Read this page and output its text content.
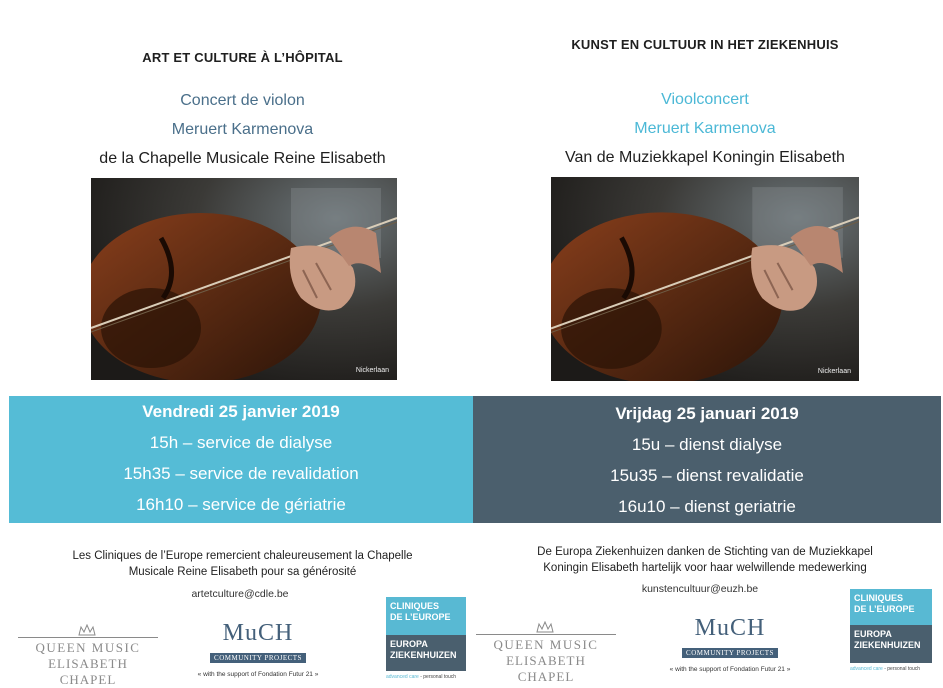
ART ET CULTURE À L’HÔPITAL
Concert de violon
Meruert Karmenova
de la Chapelle Musicale Reine Elisabeth
Nickerlaan
Vendredi 25 janvier 2019
15h – service de dialyse
15h35 – service de revalidation
16h10 – service de gériatrie
Les Cliniques de l’Europe remercient chaleureusement la Chapelle
Musicale Reine Elisabeth pour sa générosité
artetculture@cdle.be
QUEEN MUSIC
ELISABETH CHAPEL
MuCH
COMMUNITY PROJECTS
« with the support of Fondation Futur 21 »
CLINIQUES
DE L’EUROPE
EUROPA
ZIEKENHUIZEN
advanced care - personal touch
KUNST EN CULTUUR IN HET ZIEKENHUIS
Vioolconcert
Meruert Karmenova
Van de Muziekkapel Koningin Elisabeth
Nickerlaan
Vrijdag 25 januari 2019
15u – dienst dialyse
15u35 – dienst revalidatie
16u10 – dienst geriatrie
De Europa Ziekenhuizen danken de Stichting van de Muziekkapel
Koningin Elisabeth hartelijk voor haar welwillende medewerking
kunstencultuur@euzh.be
QUEEN MUSIC
ELISABETH CHAPEL
MuCH
COMMUNITY PROJECTS
« with the support of Fondation Futur 21 »
CLINIQUES
DE L’EUROPE
EUROPA
ZIEKENHUIZEN
advanced care - personal touch
